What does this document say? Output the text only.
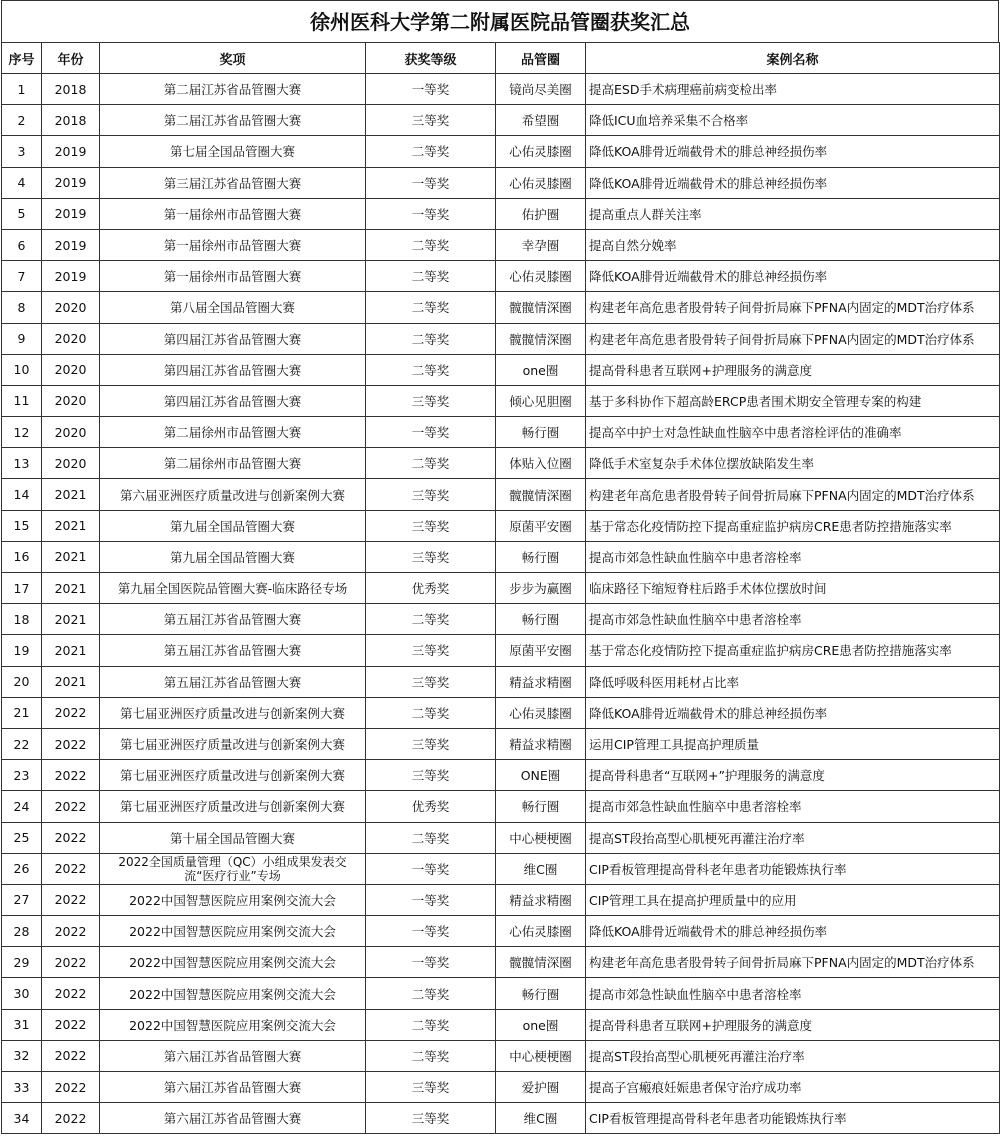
徐州医科大学第二附属医院品管圈获奖汇总
序号	年份	奖项	获奖等级	品管圈	案例名称
1	2018	第二届江苏省品管圈大赛	一等奖	镜尚尽美圈	提高ESD手术病理癌前病变检出率
2	2018	第二届江苏省品管圈大赛	三等奖	希望圈	降低ICU血培养采集不合格率
3	2019	第七届全国品管圈大赛	二等奖	心佑灵膝圈	降低KOA腓骨近端截骨术的腓总神经损伤率
4	2019	第三届江苏省品管圈大赛	一等奖	心佑灵膝圈	降低KOA腓骨近端截骨术的腓总神经损伤率
5	2019	第一届徐州市品管圈大赛	一等奖	佑护圈	提高重点人群关注率
6	2019	第一届徐州市品管圈大赛	二等奖	幸孕圈	提高自然分娩率
7	2019	第一届徐州市品管圈大赛	二等奖	心佑灵膝圈	降低KOA腓骨近端截骨术的腓总神经损伤率
8	2020	第八届全国品管圈大赛	二等奖	髋髋情深圈	构建老年高危患者股骨转子间骨折局麻下PFNA内固定的MDT治疗体系
9	2020	第四届江苏省品管圈大赛	二等奖	髋髋情深圈	构建老年高危患者股骨转子间骨折局麻下PFNA内固定的MDT治疗体系
10	2020	第四届江苏省品管圈大赛	二等奖	one圈	提高骨科患者互联网+护理服务的满意度
11	2020	第四届江苏省品管圈大赛	三等奖	倾心见胆圈	基于多科协作下超高龄ERCP患者围术期安全管理专案的构建
12	2020	第二届徐州市品管圈大赛	一等奖	畅行圈	提高卒中护士对急性缺血性脑卒中患者溶栓评估的准确率
13	2020	第二届徐州市品管圈大赛	二等奖	体贴入位圈	降低手术室复杂手术体位摆放缺陷发生率
14	2021	第六届亚洲医疗质量改进与创新案例大赛	三等奖	髋髋情深圈	构建老年高危患者股骨转子间骨折局麻下PFNA内固定的MDT治疗体系
15	2021	第九届全国品管圈大赛	三等奖	原菌平安圈	基于常态化疫情防控下提高重症监护病房CRE患者防控措施落实率
16	2021	第九届全国品管圈大赛	三等奖	畅行圈	提高市郊急性缺血性脑卒中患者溶栓率
17	2021	第九届全国医院品管圈大赛-临床路径专场	优秀奖	步步为赢圈	临床路径下缩短脊柱后路手术体位摆放时间
18	2021	第五届江苏省品管圈大赛	二等奖	畅行圈	提高市郊急性缺血性脑卒中患者溶栓率
19	2021	第五届江苏省品管圈大赛	三等奖	原菌平安圈	基于常态化疫情防控下提高重症监护病房CRE患者防控措施落实率
20	2021	第五届江苏省品管圈大赛	三等奖	精益求精圈	降低呼吸科医用耗材占比率
21	2022	第七届亚洲医疗质量改进与创新案例大赛	二等奖	心佑灵膝圈	降低KOA腓骨近端截骨术的腓总神经损伤率
22	2022	第七届亚洲医疗质量改进与创新案例大赛	三等奖	精益求精圈	运用CIP管理工具提高护理质量
23	2022	第七届亚洲医疗质量改进与创新案例大赛	三等奖	ONE圈	提高骨科患者“互联网+”护理服务的满意度
24	2022	第七届亚洲医疗质量改进与创新案例大赛	优秀奖	畅行圈	提高市郊急性缺血性脑卒中患者溶栓率
25	2022	第十届全国品管圈大赛	二等奖	中心梗梗圈	提高ST段抬高型心肌梗死再灌注治疗率
26	2022	2022全国质量管理（QC）小组成果发表交流“医疗行业”专场	一等奖	维C圈	CIP看板管理提高骨科老年患者功能锻炼执行率
27	2022	2022中国智慧医院应用案例交流大会	一等奖	精益求精圈	CIP管理工具在提高护理质量中的应用
28	2022	2022中国智慧医院应用案例交流大会	一等奖	心佑灵膝圈	降低KOA腓骨近端截骨术的腓总神经损伤率
29	2022	2022中国智慧医院应用案例交流大会	一等奖	髋髋情深圈	构建老年高危患者股骨转子间骨折局麻下PFNA内固定的MDT治疗体系
30	2022	2022中国智慧医院应用案例交流大会	二等奖	畅行圈	提高市郊急性缺血性脑卒中患者溶栓率
31	2022	2022中国智慧医院应用案例交流大会	二等奖	one圈	提高骨科患者互联网+护理服务的满意度
32	2022	第六届江苏省品管圈大赛	二等奖	中心梗梗圈	提高ST段抬高型心肌梗死再灌注治疗率
33	2022	第六届江苏省品管圈大赛	三等奖	爱护圈	提高子宫瘢痕妊娠患者保守治疗成功率
34	2022	第六届江苏省品管圈大赛	三等奖	维C圈	CIP看板管理提高骨科老年患者功能锻炼执行率
